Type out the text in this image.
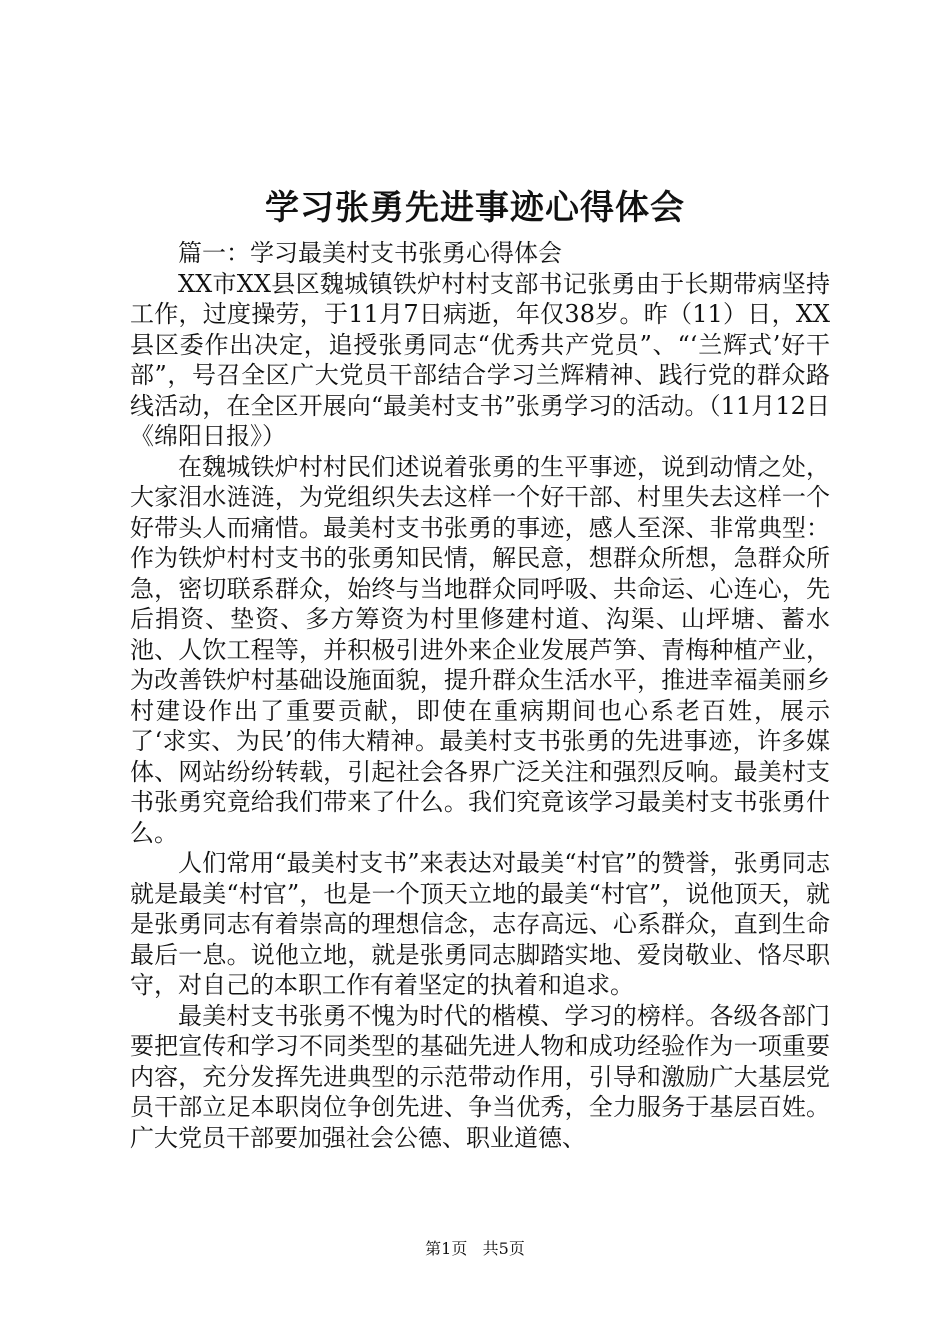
学习张勇先进事迹心得体会

篇一：学习最美村支书张勇心得体会

XX市XX县区魏城镇铁炉村村支部书记张勇由于长期带病坚持工作，过度操劳，于11月7日病逝，年仅38岁。昨（11）日，XX县区委作出决定，追授张勇同志“优秀共产党员”、“‘兰辉式’好干部”，号召全区广大党员干部结合学习兰辉精神、践行党的群众路线活动，在全区开展向“最美村支书”张勇学习的活动。（11月12日《绵阳日报》）

在魏城铁炉村村民们述说着张勇的生平事迹，说到动情之处，大家泪水涟涟，为党组织失去这样一个好干部、村里失去这样一个好带头人而痛惜。最美村支书张勇的事迹，感人至深、非常典型：作为铁炉村村支书的张勇知民情，解民意，想群众所想，急群众所急，密切联系群众，始终与当地群众同呼吸、共命运、心连心，先后捐资、垫资、多方筹资为村里修建村道、沟渠、山坪塘、蓄水池、人饮工程等，并积极引进外来企业发展芦笋、青梅种植产业，为改善铁炉村基础设施面貌，提升群众生活水平，推进幸福美丽乡村建设作出了重要贡献，即使在重病期间也心系老百姓，展示了‘求实、为民’的伟大精神。最美村支书张勇的先进事迹，许多媒体、网站纷纷转载，引起社会各界广泛关注和强烈反响。最美村支书张勇究竟给我们带来了什么。我们究竟该学习最美村支书张勇什么。

人们常用“最美村支书”来表达对最美“村官”的赞誉，张勇同志就是最美“村官”，也是一个顶天立地的最美“村官”，说他顶天，就是张勇同志有着崇高的理想信念，志存高远、心系群众，直到生命最后一息。说他立地，就是张勇同志脚踏实地、爱岗敬业、恪尽职守，对自己的本职工作有着坚定的执着和追求。

最美村支书张勇不愧为时代的楷模、学习的榜样。各级各部门要把宣传和学习不同类型的基础先进人物和成功经验作为一项重要内容，充分发挥先进典型的示范带动作用，引导和激励广大基层党员干部立足本职岗位争创先进、争当优秀，全力服务于基层百姓。广大党员干部要加强社会公德、职业道德、

第1页 共5页
